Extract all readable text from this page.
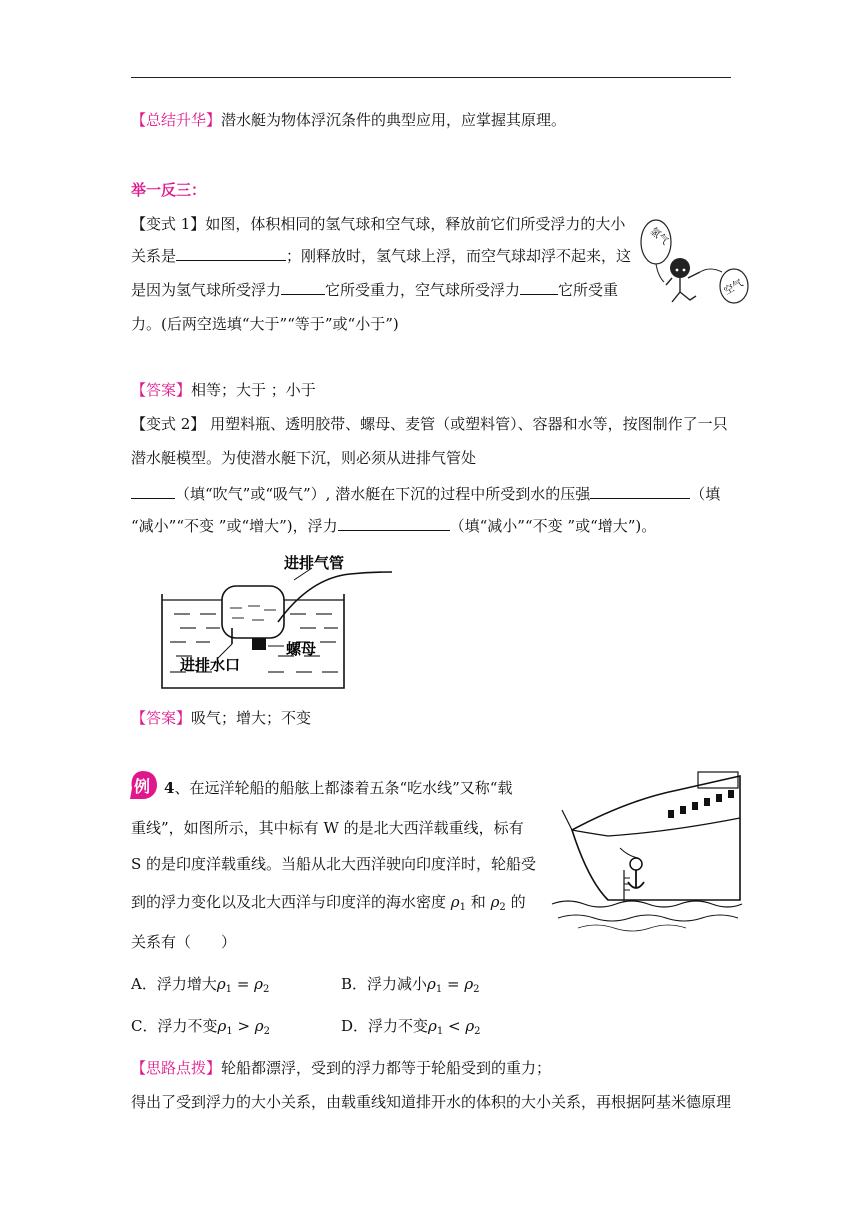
【总结升华】潜水艇为物体浮沉条件的典型应用，应掌握其原理。
举一反三：
【变式 1】如图，体积相同的氢气球和空气球，释放前它们所受浮力的大小
关系是	；刚释放时，氢气球上浮，而空气球却浮不起来，这
是因为氢气球所受浮力	它所受重力，空气球所受浮力	它所受重
力。(后两空选填“大于”“等于”或“小于”)
氢气
空气
【答案】相等；大于 ；小于
【变式 2】 用塑料瓶、透明胶带、螺母、麦管（或塑料管）、容器和水等，按图制作了一只
潜水艇模型。为使潜水艇下沉，则必须从进排气管处
（填“吹气”或“吸气”）, 潜水艇在下沉的过程中所受到水的压强	（填
“减小”“不变 ”或“增大”)，浮力	（填“减小”“不变 ”或“增大”)。
进排气管
进排水口
螺母
【答案】吸气；增大；不变
例 4、在远洋轮船的船舷上都漆着五条“吃水线”又称“载
重线”，如图所示，其中标有 W 的是北大西洋载重线，标有
S 的是印度洋载重线。当船从北大西洋驶向印度洋时，轮船受
到的浮力变化以及北大西洋与印度洋的海水密度 $\rho_1$ 和 $\rho_2$ 的
关系有（　　）
A．浮力增大$\rho_1 = \rho_2$	B．浮力减小$\rho_1 = \rho_2$
C．浮力不变$\rho_1 > \rho_2$	D．浮力不变$\rho_1 < \rho_2$
【思路点拨】轮船都漂浮，受到的浮力都等于轮船受到的重力；
得出了受到浮力的大小关系，由载重线知道排开水的体积的大小关系，再根据阿基米德原理
